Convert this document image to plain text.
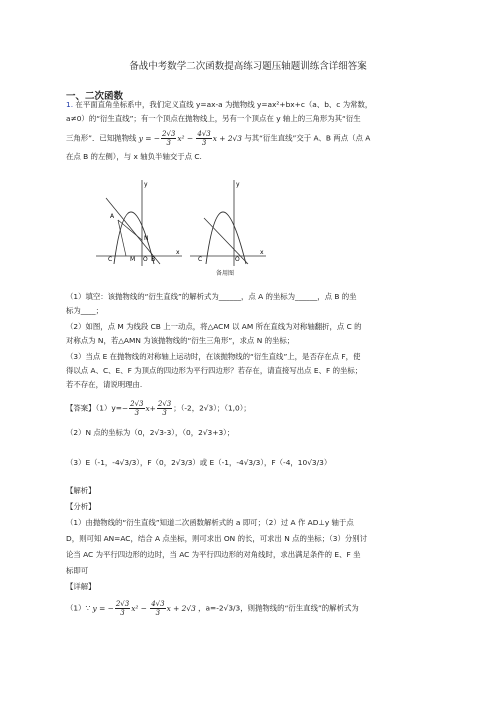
备战中考数学二次函数提高练习题压轴题训练含详细答案
一、二次函数
1. 在平面直角坐标系中，我们定义直线 y=ax-a 为抛物线 y=ax²+bx+c（a、b、c 为常数，
a≠0）的“衍生直线”；有一个顶点在抛物线上，另有一个顶点在 y 轴上的三角形为其“衍生
三角形”．已知抛物线 y = − $\frac{2√3}{3} x^2 - \frac{4√3}{3}$ x + 2√3 与其“衍生直线”交于 A、B 两点（点 A
在点 B 的左侧），与 x 轴负半轴交于点 C.
A
C	M O B
N
x
y
C	O
x
y
备用图
（1）填空：该抛物线的“衍生直线”的解析式为______，点 A 的坐标为______，点 B 的坐
标为____；
（2）如图，点 M 为线段 CB 上一动点，将△ACM 以 AM 所在直线为对称轴翻折，点 C 的
对称点为 N，若△AMN 为该抛物线的“衍生三角形”，求点 N 的坐标；
（3）当点 E 在抛物线的对称轴上运动时，在该抛物线的“衍生直线”上，是否存在点 F，使
得以点 A、C、E、F 为顶点的四边形为平行四边形？若存在，请直接写出点 E、F 的坐标；
若不存在，请说明理由.
【答案】$(1)y=- \frac{2√3}{3} x+ \frac{2√3}{3}$ ；（-2，2√3）；（1,0）；
（2）N 点的坐标为（0，2√3-3），（0，2√3+3）；
（3）E（-1，-4√3/3），F（0，2√3/3）或 E（-1，-4√3/3），F（-4，10√3/3）
【解析】
【分析】
（1）由抛物线的“衍生直线”知道二次函数解析式的 a 即可；（2）过 A 作 AD⊥y 轴于点
D，则可知 AN=AC，结合 A 点坐标，则可求出 ON 的长，可求出 N 点的坐标；（3）分别讨
论当 AC 为平行四边形的边时，当 AC 为平行四边形的对角线时，求出满足条件的 E、F 坐
标即可
【详解】
（1）∵ y = − $\frac{2√3}{3} x^2 - \frac{4√3}{3}$ x + 2√3 ，a=-2√3/3，则抛物线的“衍生直线”的解析式为
